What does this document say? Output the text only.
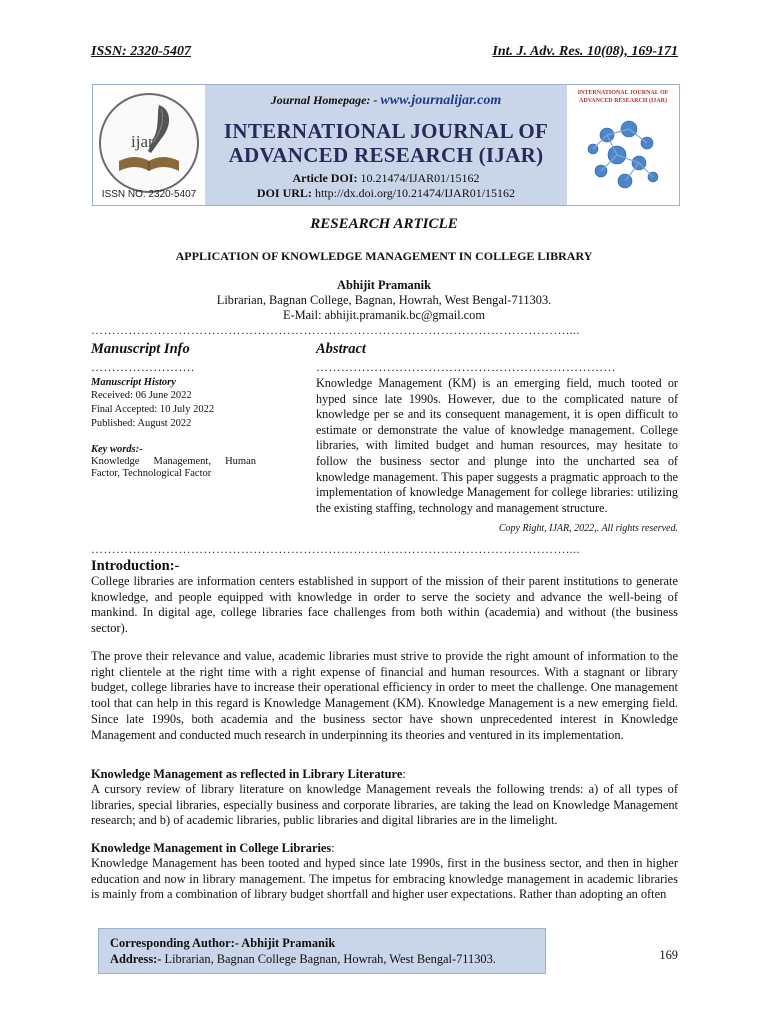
ISSN: 2320-5407	Int. J. Adv. Res. 10(08), 169-171
ijar
ISSN NO. 2320-5407
Journal Homepage: - www.journalijar.com
INTERNATIONAL JOURNAL OF
ADVANCED RESEARCH (IJAR)
Article DOI: 10.21474/IJAR01/15162
DOI URL: http://dx.doi.org/10.21474/IJAR01/15162
INTERNATIONAL JOURNAL OF ADVANCED RESEARCH (IJAR)
RESEARCH ARTICLE
APPLICATION OF KNOWLEDGE MANAGEMENT IN COLLEGE LIBRARY
Abhijit Pramanik
Librarian, Bagnan College, Bagnan, Howrah, West Bengal-711303.
E-Mail: abhijit.pramanik.bc@gmail.com
……………………………………………………………………………………………………....
Manuscript Info
…………………….
Manuscript History
Received: 06 June 2022
Final Accepted: 10 July 2022
Published: August 2022
Key words:-
Knowledge Management, Human
Factor, Technological Factor
Abstract
………………………………………………………………
Knowledge Management (KM) is an emerging field, much tooted or hyped since late 1990s. However, due to the complicated nature of knowledge per se and its consequent management, it is open difficult to estimate or demonstrate the value of knowledge management. College libraries, with limited budget and human resources, may hesitate to follow the business sector and plunge into the uncharted sea of knowledge management. This paper suggests a pragmatic approach to the implementation of knowledge Management for college libraries: utilizing the existing staffing, technology and management structure.
Copy Right, IJAR, 2022,. All rights reserved.
……………………………………………………………………………………………………....
Introduction:-
College libraries are information centers established in support of the mission of their parent institutions to generate knowledge, and people equipped with knowledge in order to serve the society and advance the well-being of mankind. In digital age, college libraries face challenges from both within (academia) and without (the business sector).
The prove their relevance and value, academic libraries must strive to provide the right amount of information to the right clientele at the right time with a right expense of financial and human resources. With a stagnant or library budget, college libraries have to increase their operational efficiency in order to meet the challenge. One management tool that can help in this regard is Knowledge Management (KM). Knowledge Management is a new emerging field. Since late 1990s, both academia and the business sector have shown unprecedented interest in Knowledge Management and conducted much research in underpinning its theories and ventured in its implementation.
Knowledge Management as reflected in Library Literature:
A cursory review of library literature on knowledge Management reveals the following trends: a) of all types of libraries, special libraries, especially business and corporate libraries, are taking the lead on Knowledge Management research; and b) of academic libraries, public libraries and digital libraries are in the limelight.
Knowledge Management in College Libraries:
Knowledge Management has been tooted and hyped since late 1990s, first in the business sector, and then in higher education and now in library management. The impetus for embracing knowledge management in academic libraries is mainly from a combination of library budget shortfall and higher user expectations. Rather than adopting an often
Corresponding Author:- Abhijit Pramanik
Address:- Librarian, Bagnan College Bagnan, Howrah, West Bengal-711303.	169
